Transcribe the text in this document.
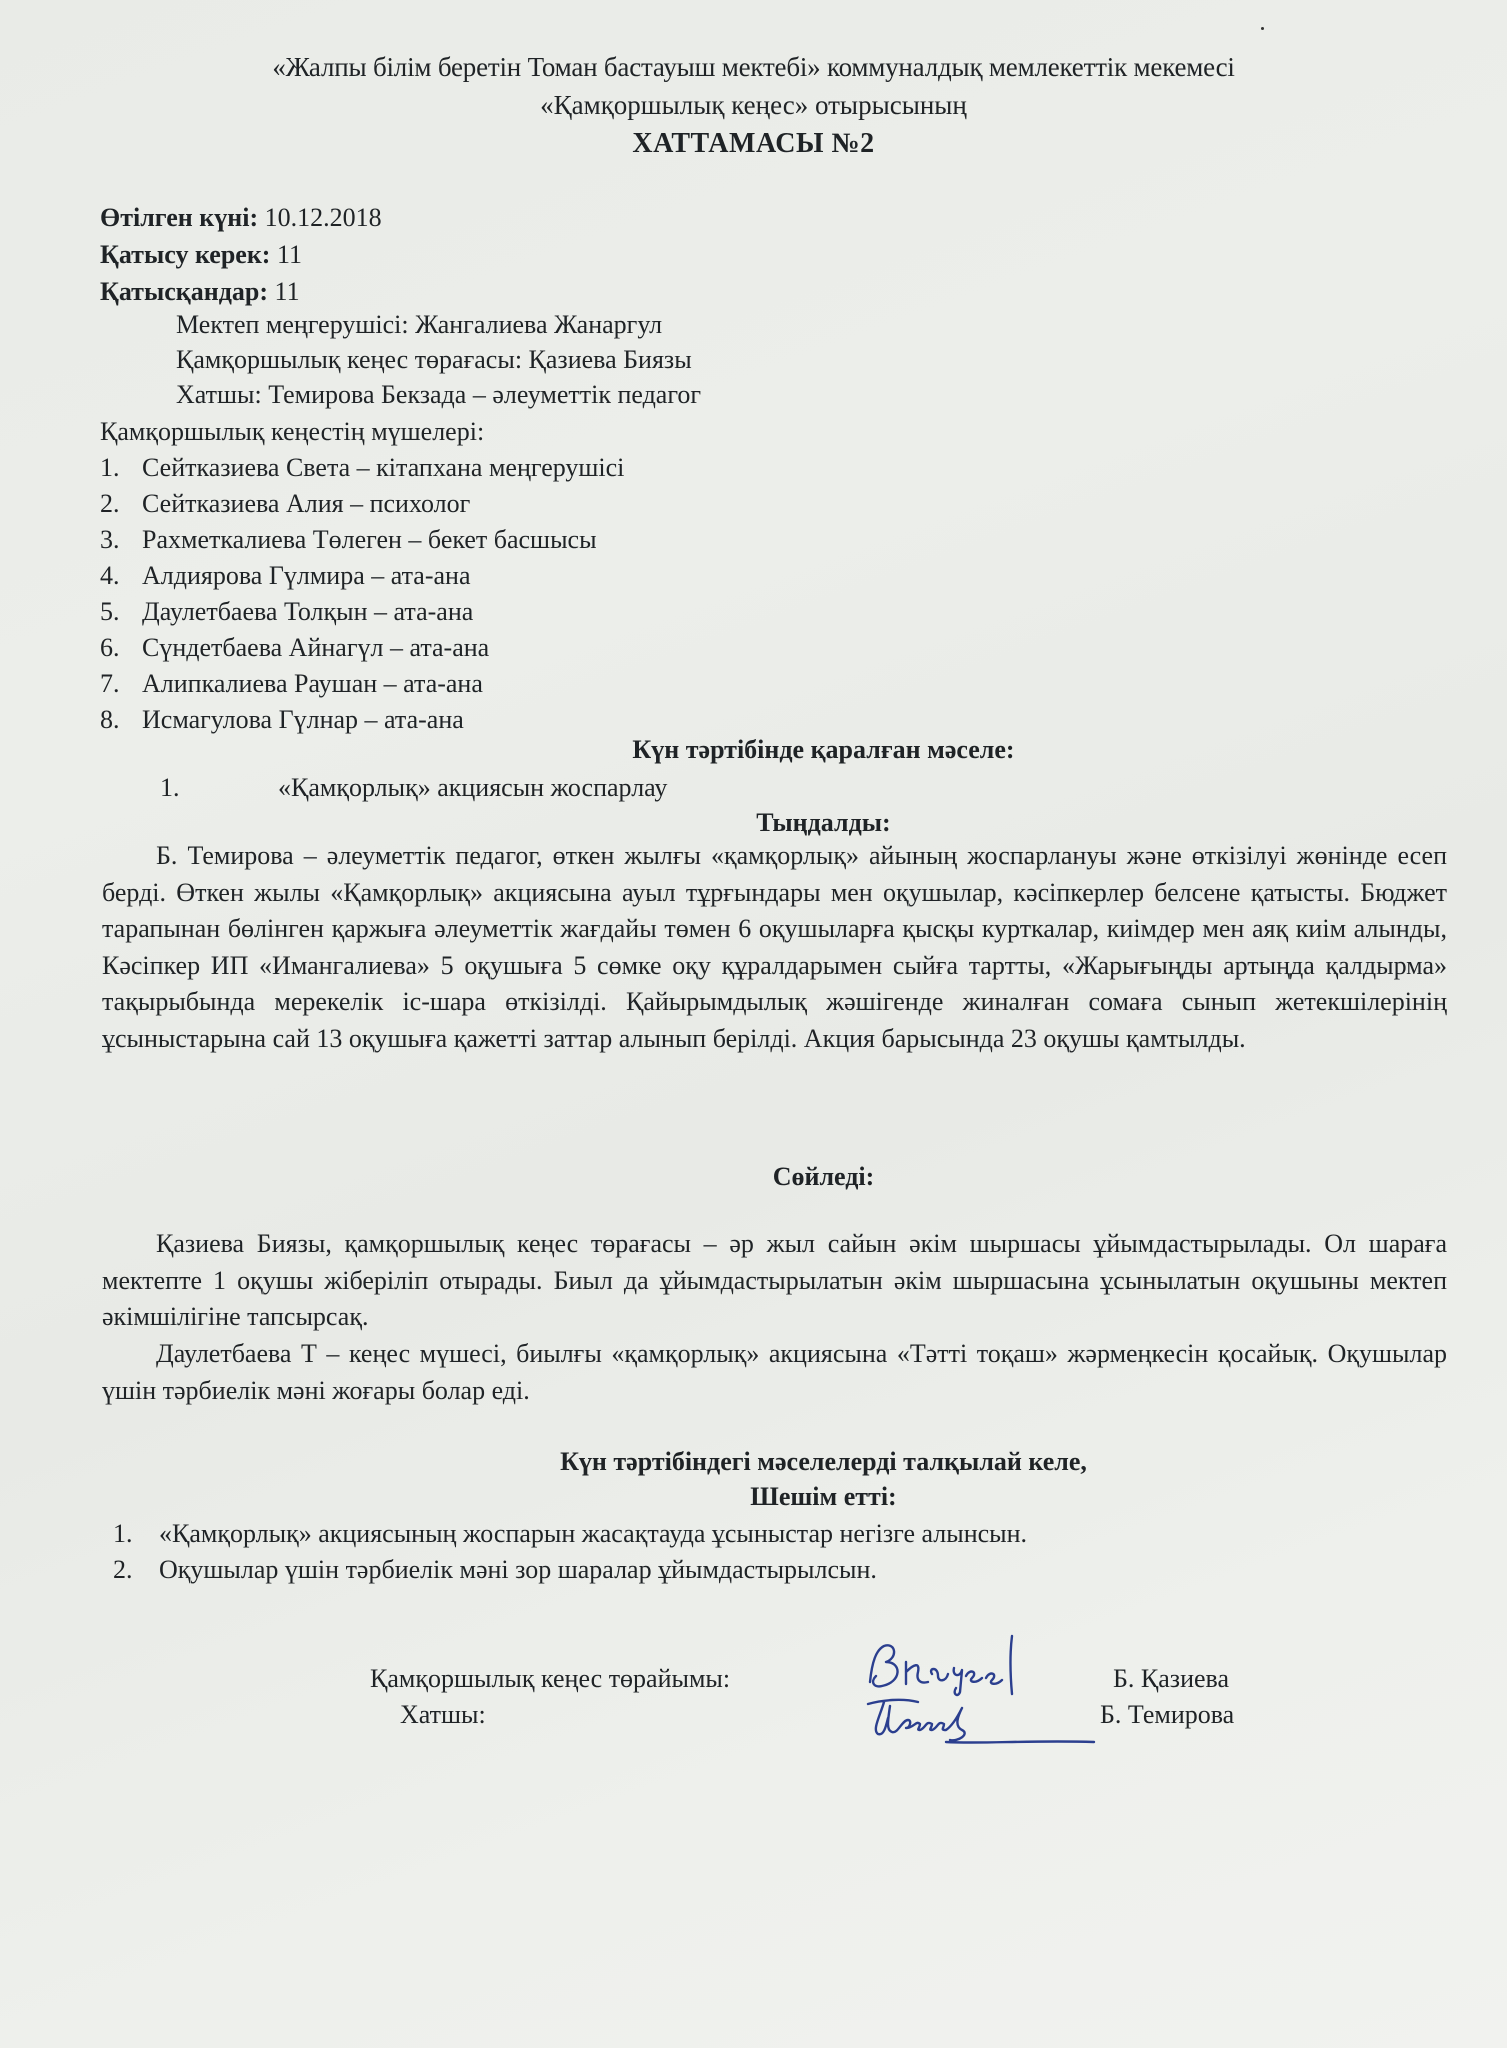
«Жалпы білім беретін Томан бастауыш мектебі» коммуналдық мемлекеттік мекемесі
«Қамқоршылық кеңес» отырысының
ХАТТАМАСЫ №2
Өтілген күні: 10.12.2018
Қатысу керек: 11
Қатысқандар: 11
Мектеп меңгерушісі: Жангалиева Жанаргул
Қамқоршылық кеңес төрағасы: Қазиева Биязы
Хатшы: Темирова Бекзада – әлеуметтік педагог
Қамқоршылық кеңестің мүшелері:
1. Сейтказиева Света – кітапхана меңгерушісі
2. Сейтказиева Алия – психолог
3. Рахметкалиева Төлеген – бекет басшысы
4. Алдиярова Гүлмира – ата-ана
5. Даулетбаева Толқын – ата-ана
6. Сүндетбаева Айнагүл – ата-ана
7. Алипкалиева Раушан – ата-ана
8. Исмагулова Гүлнар – ата-ана
Күн тәртібінде қаралған мәселе:
1.	«Қамқорлық» акциясын жоспарлау
Тыңдалды:

Б. Темирова – әлеуметтік педагог, өткен жылғы «қамқорлық» айының жоспарлануы және өткізілуі жөнінде есеп берді. Өткен жылы «Қамқорлық» акциясына ауыл тұрғындары мен оқушылар, кәсіпкерлер белсене қатысты. Бюджет тарапынан бөлінген қаржыға әлеуметтік жағдайы төмен 6 оқушыларға қысқы курткалар, киімдер мен аяқ киім алынды, Кәсіпкер ИП «Имангалиева» 5 оқушыға 5 сөмке оқу құралдарымен сыйға тартты, «Жарығыңды артыңда қалдырма» тақырыбында мерекелік іс-шара өткізілді. Қайырымдылық жәшігенде жиналған сомаға сынып жетекшілерінің ұсыныстарына сай 13 оқушыға қажетті заттар алынып берілді. Акция барысында 23 оқушы қамтылды.

Сөйледі:

Қазиева Биязы, қамқоршылық кеңес төрағасы – әр жыл сайын әкім шыршасы ұйымдастырылады. Ол шараға мектепте 1 оқушы жіберіліп отырады. Биыл да ұйымдастырылатын әкім шыршасына ұсынылатын оқушыны мектеп әкімшілігіне тапсырсақ.

Даулетбаева Т – кеңес мүшесі, биылғы «қамқорлық» акциясына «Тәтті тоқаш» жәрмеңкесін қосайық. Оқушылар үшін тәрбиелік мәні жоғары болар еді.

Күн тәртібіндегі мәселелерді талқылай келе,
Шешім етті:
1.	«Қамқорлық» акциясының жоспарын жасақтауда ұсыныстар негізге алынсын.
2.	Оқушылар үшін тәрбиелік мәні зор шаралар ұйымдастырылсын.
Қамқоршылық кеңес төрайымы:
Хатшы:
Б. Қазиева
Б. Темирова
